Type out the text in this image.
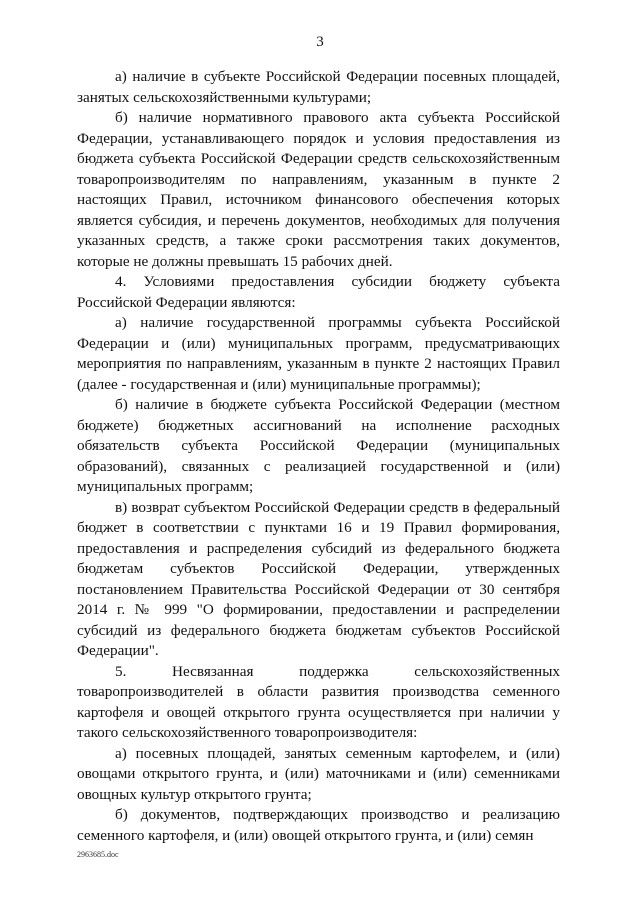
3

а) наличие в субъекте Российской Федерации посевных площадей, занятых сельскохозяйственными культурами;

б) наличие нормативного правового акта субъекта Российской Федерации, устанавливающего порядок и условия предоставления из бюджета субъекта Российской Федерации средств сельскохозяйственным товаропроизводителям по направлениям, указанным в пункте 2 настоящих Правил, источником финансового обеспечения которых является субсидия, и перечень документов, необходимых для получения указанных средств, а также сроки рассмотрения таких документов, которые не должны превышать 15 рабочих дней.

4. Условиями предоставления субсидии бюджету субъекта Российской Федерации являются:

а) наличие государственной программы субъекта Российской Федерации и (или) муниципальных программ, предусматривающих мероприятия по направлениям, указанным в пункте 2 настоящих Правил (далее - государственная и (или) муниципальные программы);

б) наличие в бюджете субъекта Российской Федерации (местном бюджете) бюджетных ассигнований на исполнение расходных обязательств субъекта Российской Федерации (муниципальных образований), связанных с реализацией государственной и (или) муниципальных программ;

в) возврат субъектом Российской Федерации средств в федеральный бюджет в соответствии с пунктами 16 и 19 Правил формирования, предоставления и распределения субсидий из федерального бюджета бюджетам субъектов Российской Федерации, утвержденных постановлением Правительства Российской Федерации от 30 сентября 2014 г. № 999 "О формировании, предоставлении и распределении субсидий из федерального бюджета бюджетам субъектов Российской Федерации".

5. Несвязанная поддержка сельскохозяйственных товаропроизводителей в области развития производства семенного картофеля и овощей открытого грунта осуществляется при наличии у такого сельскохозяйственного товаропроизводителя:

а) посевных площадей, занятых семенным картофелем, и (или) овощами открытого грунта, и (или) маточниками и (или) семенниками овощных культур открытого грунта;

б) документов, подтверждающих производство и реализацию семенного картофеля, и (или) овощей открытого грунта, и (или) семян

2963685.doc
